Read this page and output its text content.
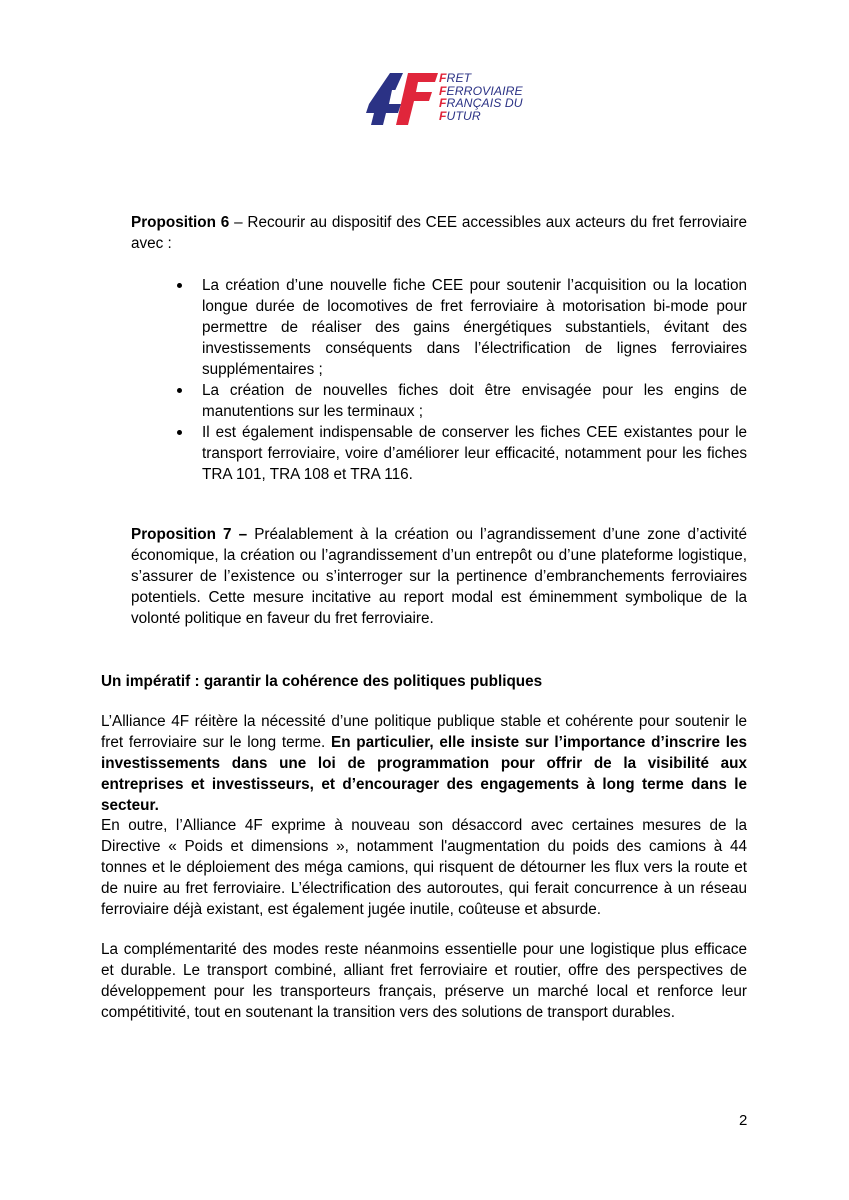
FRET
FERROVIAIRE
FRANÇAIS DU
FUTUR

Proposition 6 – Recourir au dispositif des CEE accessibles aux acteurs du fret ferroviaire avec :

La création d’une nouvelle fiche CEE pour soutenir l’acquisition ou la location longue durée de locomotives de fret ferroviaire à motorisation bi-mode pour permettre de réaliser des gains énergétiques substantiels, évitant des investissements conséquents dans l’électrification de lignes ferroviaires supplémentaires ;
La création de nouvelles fiches doit être envisagée pour les engins de manutentions sur les terminaux ;
Il est également indispensable de conserver les fiches CEE existantes pour le transport ferroviaire, voire d’améliorer leur efficacité, notamment pour les fiches TRA 101, TRA 108 et TRA 116.

Proposition 7 – Préalablement à la création ou l’agrandissement d’une zone d’activité économique, la création ou l’agrandissement d’un entrepôt ou d’une plateforme logistique, s’assurer de l’existence ou s’interroger sur la pertinence d’embranchements ferroviaires potentiels. Cette mesure incitative au report modal est éminemment symbolique de la volonté politique en faveur du fret ferroviaire.

Un impératif : garantir la cohérence des politiques publiques

L’Alliance 4F réitère la nécessité d’une politique publique stable et cohérente pour soutenir le fret ferroviaire sur le long terme. En particulier, elle insiste sur l’importance d’inscrire les investissements dans une loi de programmation pour offrir de la visibilité aux entreprises et investisseurs, et d’encourager des engagements à long terme dans le secteur.

En outre, l’Alliance 4F exprime à nouveau son désaccord avec certaines mesures de la Directive « Poids et dimensions », notamment l'augmentation du poids des camions à 44 tonnes et le déploiement des méga camions, qui risquent de détourner les flux vers la route et de nuire au fret ferroviaire. L’électrification des autoroutes, qui ferait concurrence à un réseau ferroviaire déjà existant, est également jugée inutile, coûteuse et absurde.

La complémentarité des modes reste néanmoins essentielle pour une logistique plus efficace et durable. Le transport combiné, alliant fret ferroviaire et routier, offre des perspectives de développement pour les transporteurs français, préserve un marché local et renforce leur compétitivité, tout en soutenant la transition vers des solutions de transport durables.

2
